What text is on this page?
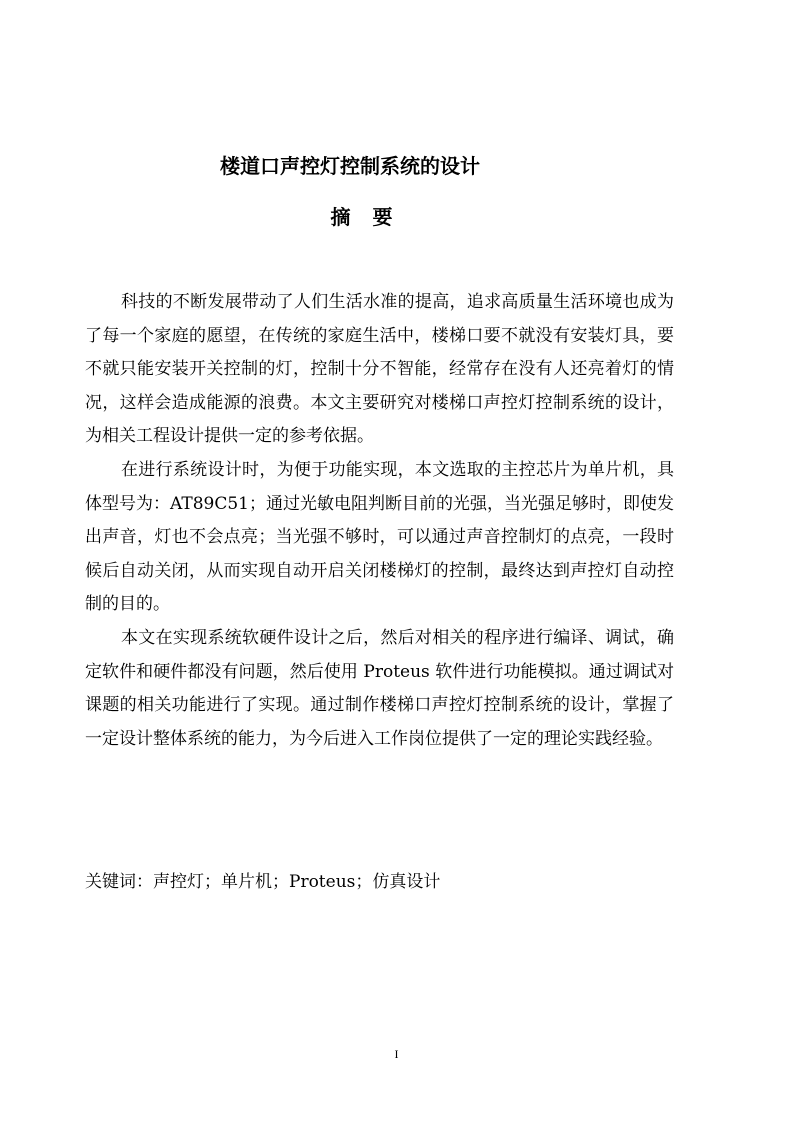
楼道口声控灯控制系统的设计
摘要

科技的不断发展带动了人们生活水准的提高，追求高质量生活环境也成为了每一个家庭的愿望，在传统的家庭生活中，楼梯口要不就没有安装灯具，要不就只能安装开关控制的灯，控制十分不智能，经常存在没有人还亮着灯的情况，这样会造成能源的浪费。本文主要研究对楼梯口声控灯控制系统的设计，为相关工程设计提供一定的参考依据。

在进行系统设计时，为便于功能实现，本文选取的主控芯片为单片机，具体型号为：AT89C51；通过光敏电阻判断目前的光强，当光强足够时，即使发出声音，灯也不会点亮；当光强不够时，可以通过声音控制灯的点亮，一段时候后自动关闭，从而实现自动开启关闭楼梯灯的控制，最终达到声控灯自动控制的目的。

本文在实现系统软硬件设计之后，然后对相关的程序进行编译、调试，确定软件和硬件都没有问题，然后使用 Proteus 软件进行功能模拟。通过调试对课题的相关功能进行了实现。通过制作楼梯口声控灯控制系统的设计，掌握了一定设计整体系统的能力，为今后进入工作岗位提供了一定的理论实践经验。

关键词：声控灯；单片机；Proteus；仿真设计
I
